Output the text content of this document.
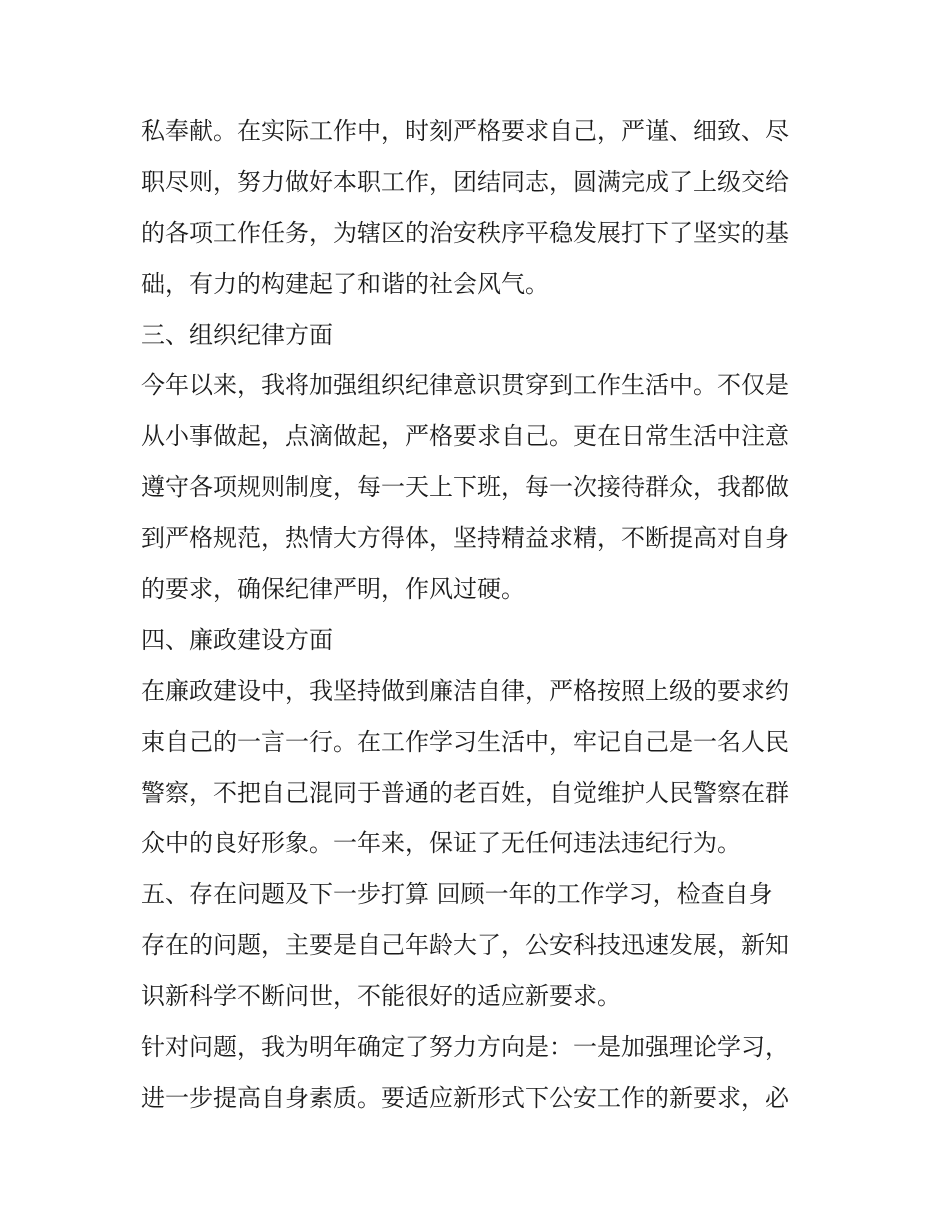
私奉献。在实际工作中，时刻严格要求自己，严谨、细致、尽
职尽则，努力做好本职工作，团结同志，圆满完成了上级交给
的各项工作任务，为辖区的治安秩序平稳发展打下了坚实的基
础，有力的构建起了和谐的社会风气。
三、组织纪律方面
今年以来，我将加强组织纪律意识贯穿到工作生活中。不仅是
从小事做起，点滴做起，严格要求自己。更在日常生活中注意
遵守各项规则制度，每一天上下班，每一次接待群众，我都做
到严格规范，热情大方得体，坚持精益求精，不断提高对自身
的要求，确保纪律严明，作风过硬。
四、廉政建设方面
在廉政建设中，我坚持做到廉洁自律，严格按照上级的要求约
束自己的一言一行。在工作学习生活中，牢记自己是一名人民
警察，不把自己混同于普通的老百姓，自觉维护人民警察在群
众中的良好形象。一年来，保证了无任何违法违纪行为。
五、存在问题及下一步打算 回顾一年的工作学习，检查自身
存在的问题，主要是自己年龄大了，公安科技迅速发展，新知
识新科学不断问世，不能很好的适应新要求。
针对问题，我为明年确定了努力方向是：一是加强理论学习，
进一步提高自身素质。要适应新形式下公安工作的新要求，必
